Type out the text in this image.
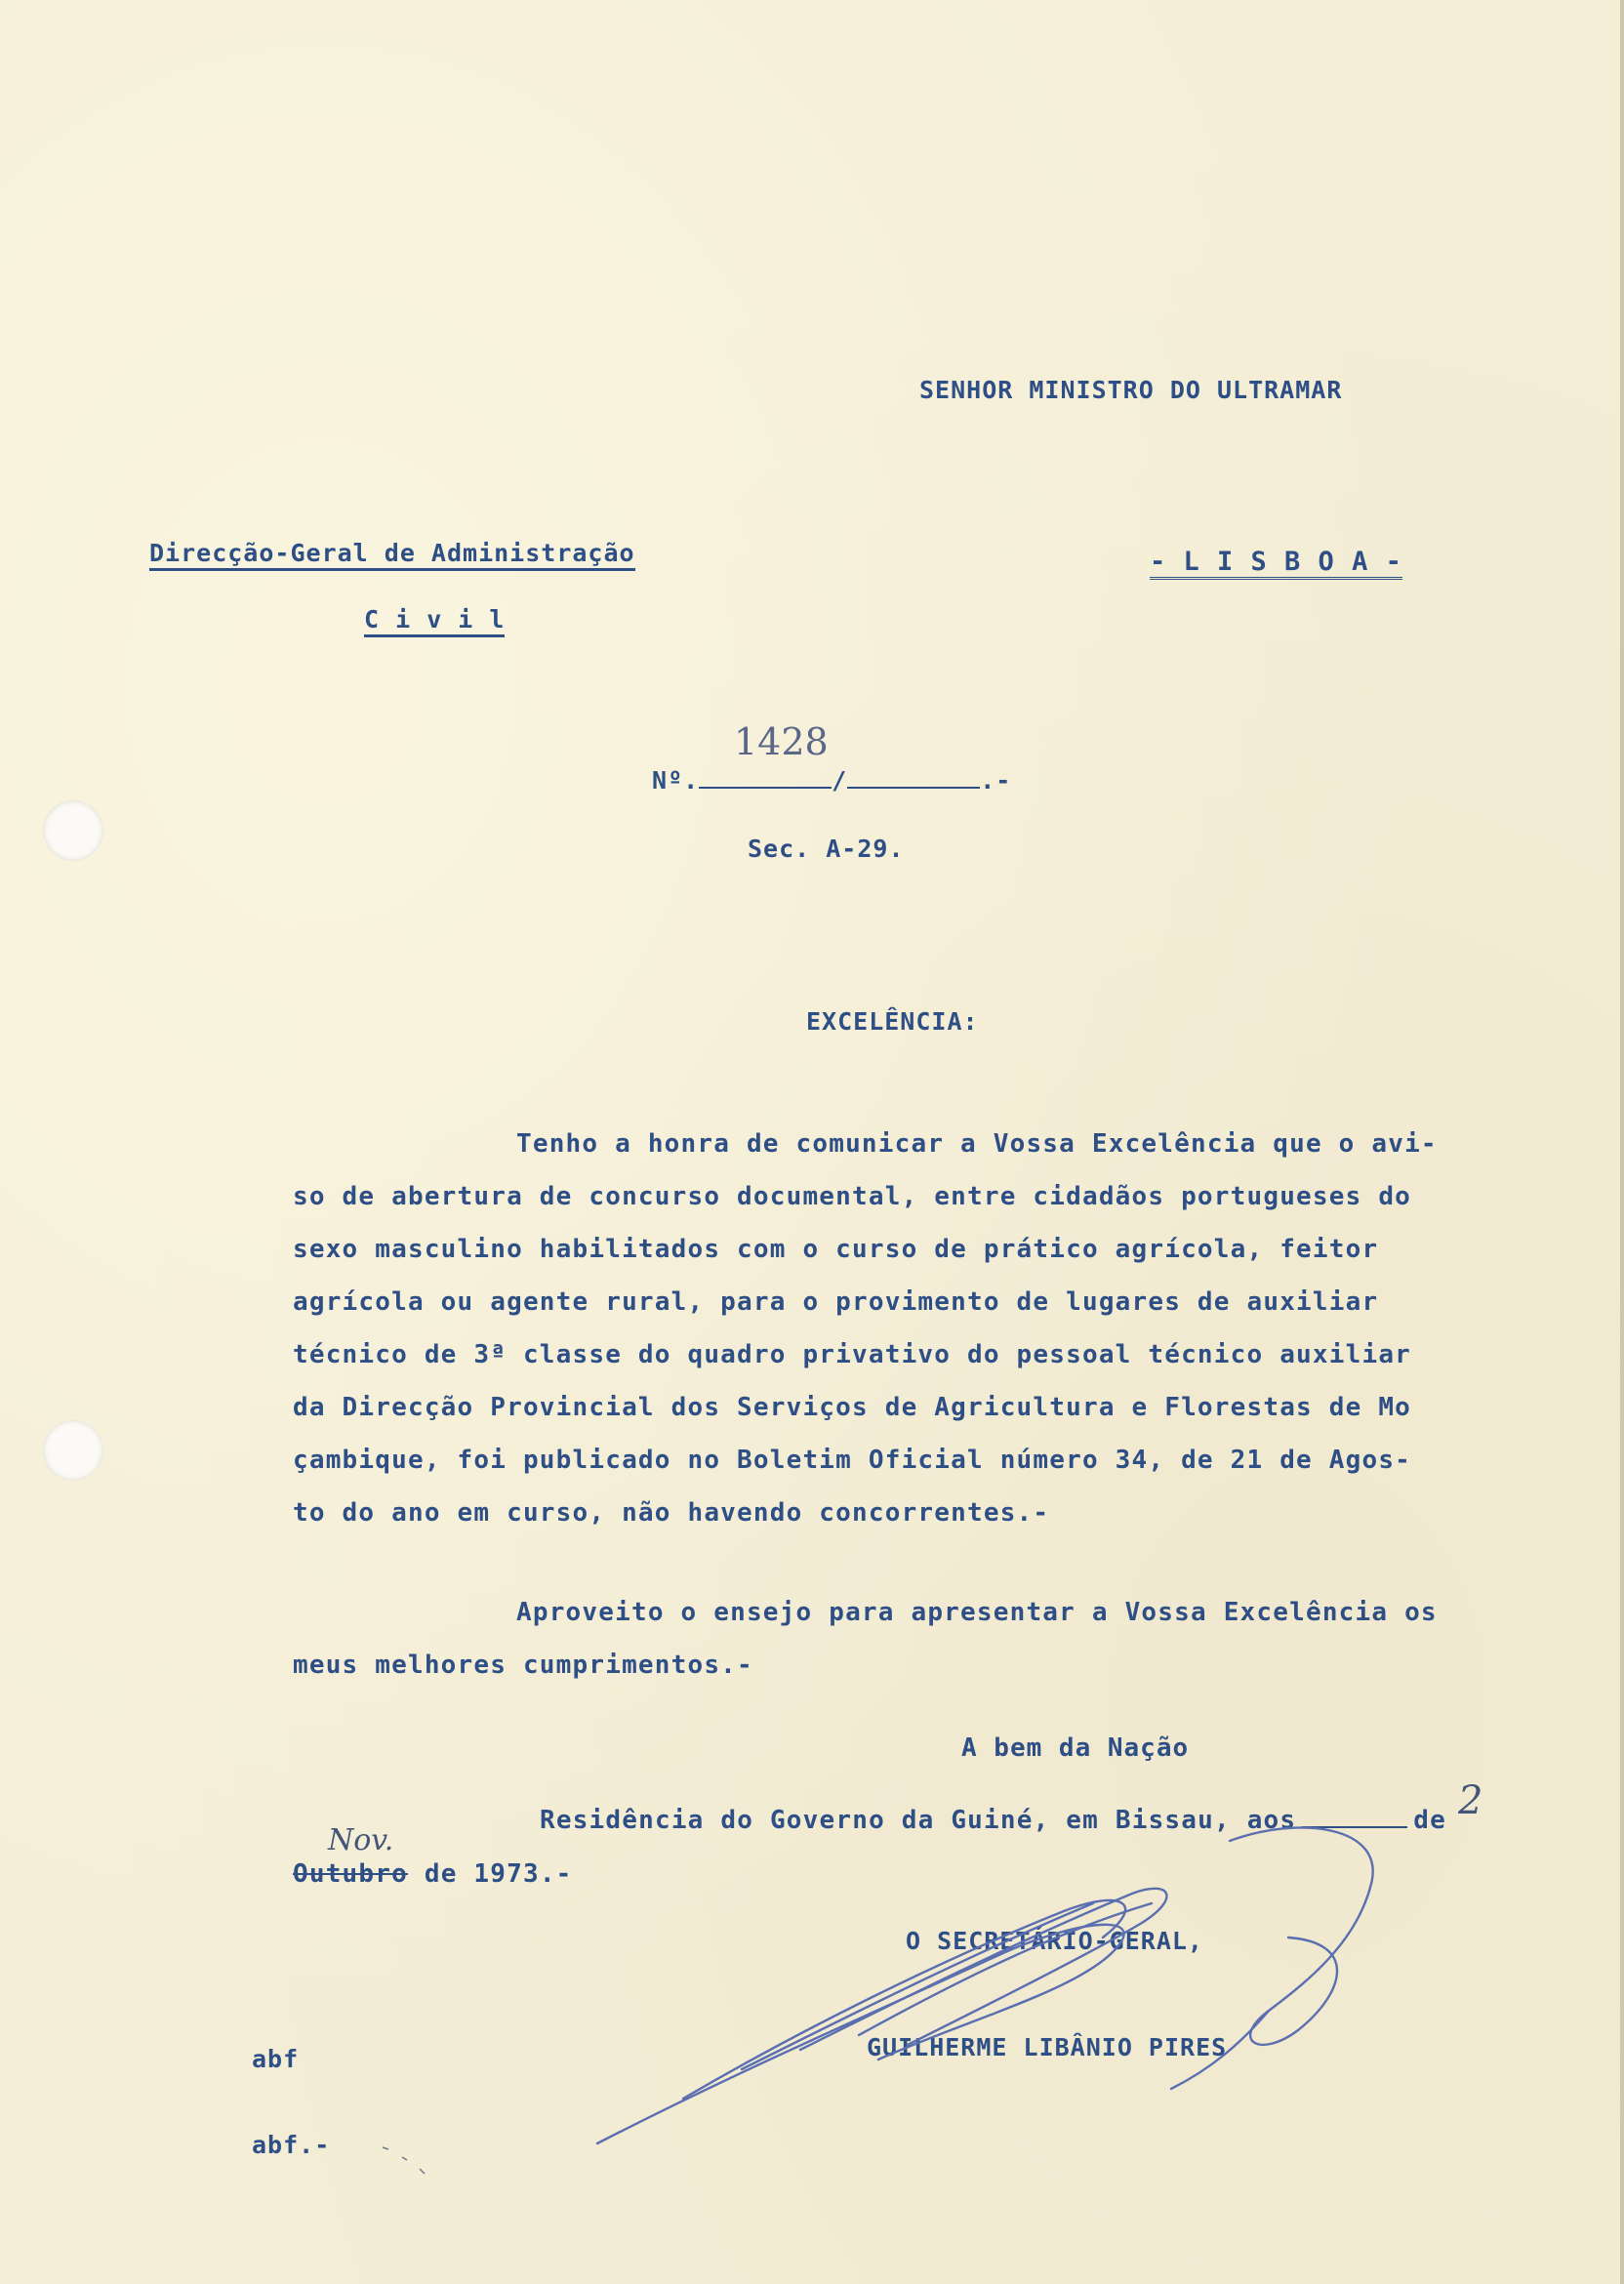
SENHOR MINISTRO DO ULTRAMAR
Direcção-Geral de Administração
C i v i l
- L I S B O A -
Nº.	/	.-
1428
Sec. A-29.
EXCELÊNCIA:
Tenho a honra de comunicar a Vossa Excelência que o avi-
so de abertura de concurso documental, entre cidadãos portugueses do
sexo masculino habilitados com o curso de prático agrícola, feitor
agrícola ou agente rural, para o provimento de lugares de auxiliar
técnico de 3ª classe do quadro privativo do pessoal técnico auxiliar
da Direcção Provincial dos Serviços de Agricultura e Florestas de Mo
çambique, foi publicado no Boletim Oficial número 34, de 21 de Agos-
to do ano em curso, não havendo concorrentes.-
Aproveito o ensejo para apresentar a Vossa Excelência os
meus melhores cumprimentos.-
A bem da Nação
Residência do Governo da Guiné, em Bissau, aos	de 2
Outubro de 1973.-
Nov.
O SECRETÁRIO-GERAL,
GUILHERME LIBÂNIO PIRES
abf
abf.-
